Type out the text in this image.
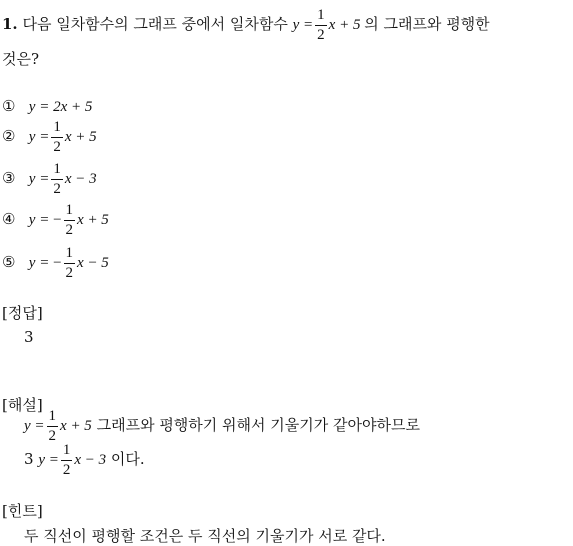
1. 다음 일차함수의 그래프 중에서 일차함수 $y = \frac{1}{2}$ x + 5 의 그래프와 평행한
것은?
① y = 2x + 5
② $y = \frac{1}{2}$ x + 5
③ $y = \frac{1}{2}$ x − 3
④ y = − $\frac{1}{2}$ x + 5
⑤ y = − $\frac{1}{2}$ x − 5
[정답]
3
[해설]
$y = \frac{1}{2}$ x + 5 그래프와 평행하기 위해서 기울기가 같아야하므로
3 $y = \frac{1}{2}$ x − 3 이다.
[힌트]
두 직선이 평행할 조건은 두 직선의 기울기가 서로 같다.
